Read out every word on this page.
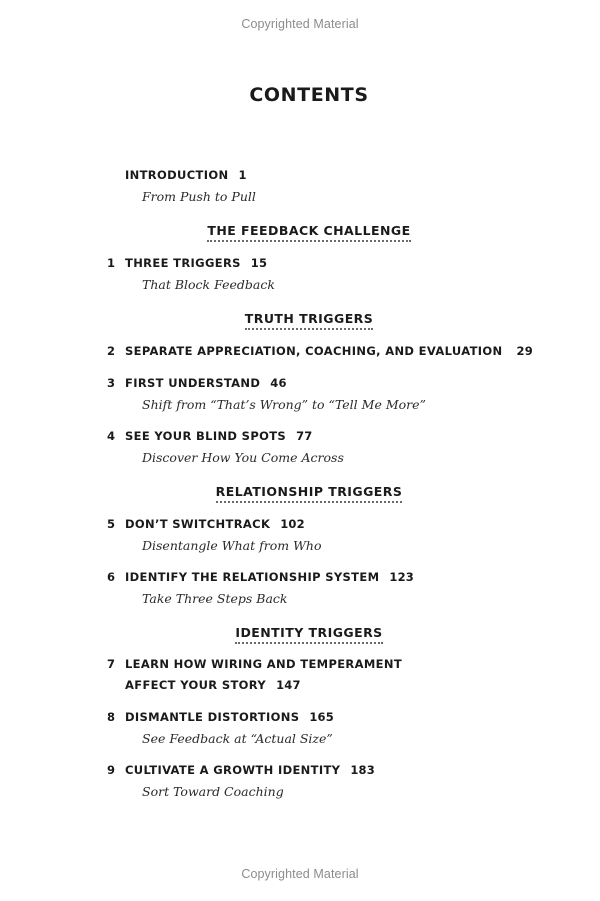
Copyrighted Material
CONTENTS
INTRODUCTION 1
From Push to Pull
THE FEEDBACK CHALLENGE
1 THREE TRIGGERS 15
That Block Feedback
TRUTH TRIGGERS
2 SEPARATE APPRECIATION, COACHING, AND EVALUATION 29
3 FIRST UNDERSTAND 46
Shift from “That’s Wrong” to “Tell Me More”
4 SEE YOUR BLIND SPOTS 77
Discover How You Come Across
RELATIONSHIP TRIGGERS
5 DON’T SWITCHTRACK 102
Disentangle What from Who
6 IDENTIFY THE RELATIONSHIP SYSTEM 123
Take Three Steps Back
IDENTITY TRIGGERS
7 LEARN HOW WIRING AND TEMPERAMENT
AFFECT YOUR STORY 147
8 DISMANTLE DISTORTIONS 165
See Feedback at “Actual Size”
9 CULTIVATE A GROWTH IDENTITY 183
Sort Toward Coaching
Copyrighted Material
